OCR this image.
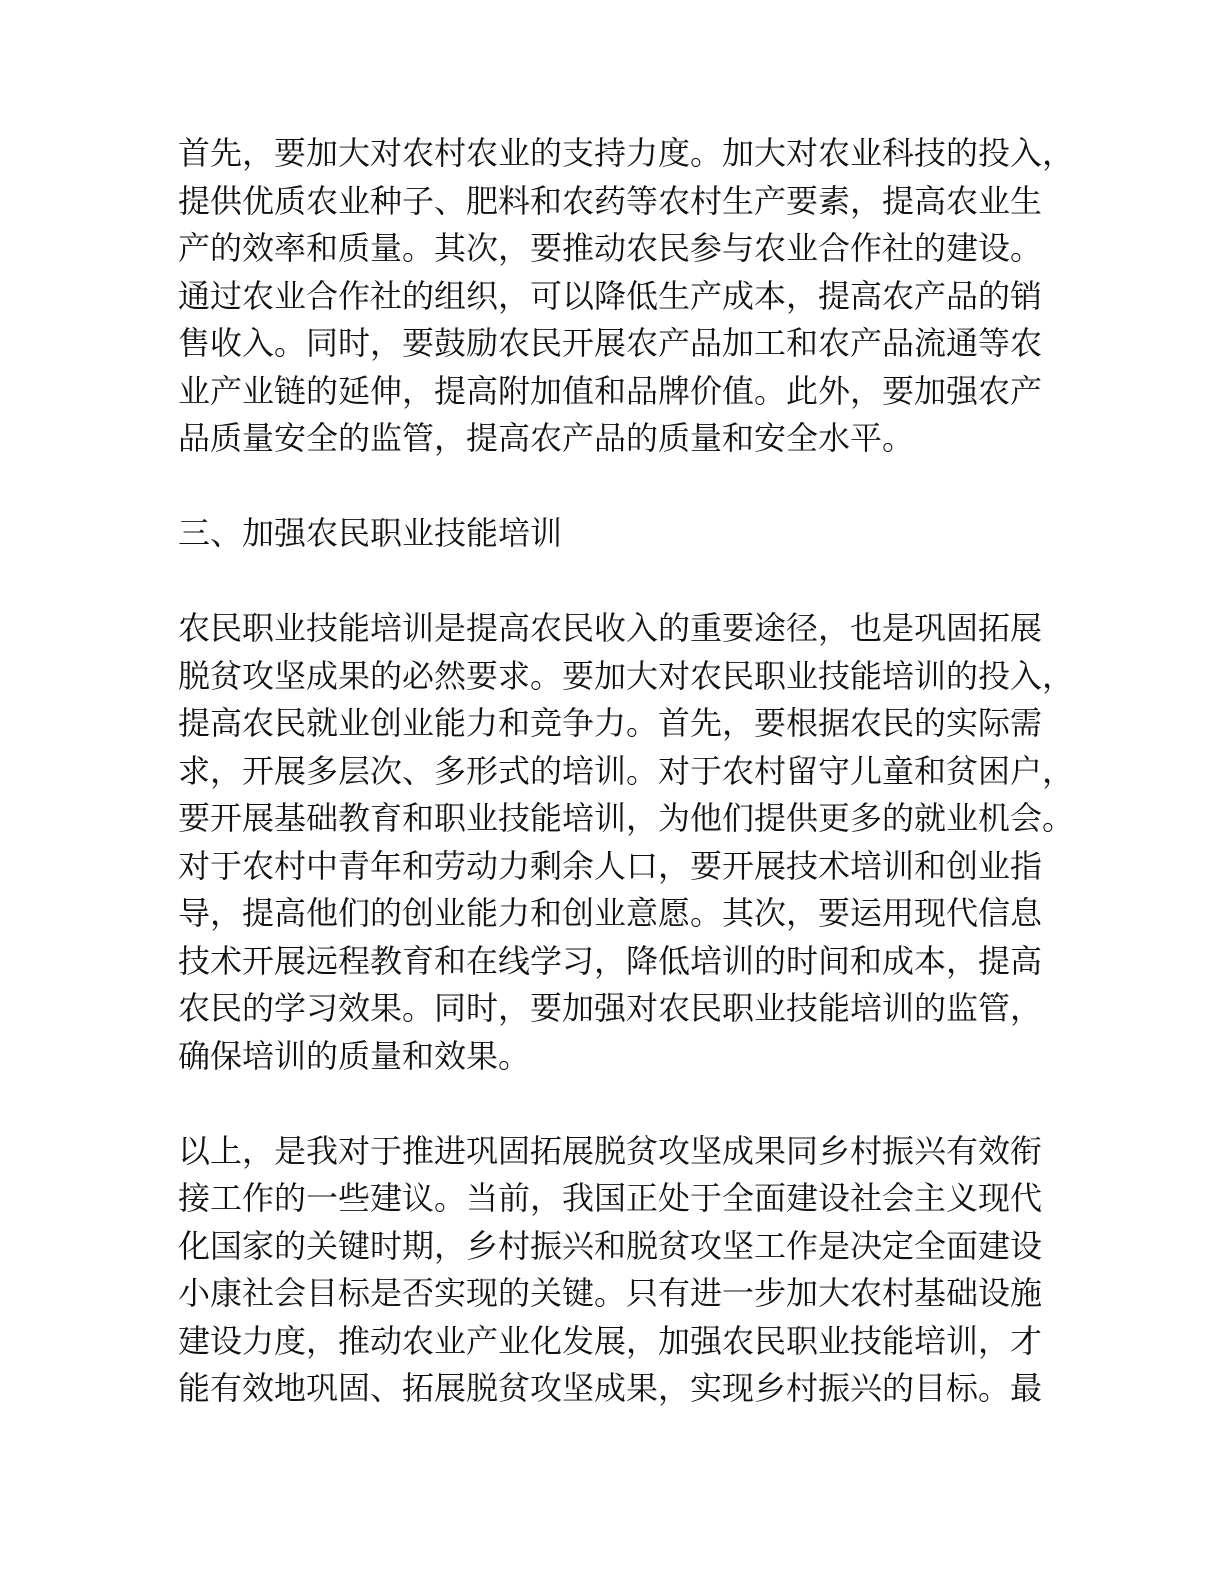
首先，要加大对农村农业的支持力度。加大对农业科技的投入，
提供优质农业种子、肥料和农药等农村生产要素，提高农业生
产的效率和质量。其次，要推动农民参与农业合作社的建设。
通过农业合作社的组织，可以降低生产成本，提高农产品的销
售收入。同时，要鼓励农民开展农产品加工和农产品流通等农
业产业链的延伸，提高附加值和品牌价值。此外，要加强农产
品质量安全的监管，提高农产品的质量和安全水平。
三、加强农民职业技能培训
农民职业技能培训是提高农民收入的重要途径，也是巩固拓展
脱贫攻坚成果的必然要求。要加大对农民职业技能培训的投入，
提高农民就业创业能力和竞争力。首先，要根据农民的实际需
求，开展多层次、多形式的培训。对于农村留守儿童和贫困户，
要开展基础教育和职业技能培训，为他们提供更多的就业机会。
对于农村中青年和劳动力剩余人口，要开展技术培训和创业指
导，提高他们的创业能力和创业意愿。其次，要运用现代信息
技术开展远程教育和在线学习，降低培训的时间和成本，提高
农民的学习效果。同时，要加强对农民职业技能培训的监管，
确保培训的质量和效果。
以上，是我对于推进巩固拓展脱贫攻坚成果同乡村振兴有效衔
接工作的一些建议。当前，我国正处于全面建设社会主义现代
化国家的关键时期，乡村振兴和脱贫攻坚工作是决定全面建设
小康社会目标是否实现的关键。只有进一步加大农村基础设施
建设力度，推动农业产业化发展，加强农民职业技能培训，才
能有效地巩固、拓展脱贫攻坚成果，实现乡村振兴的目标。最
